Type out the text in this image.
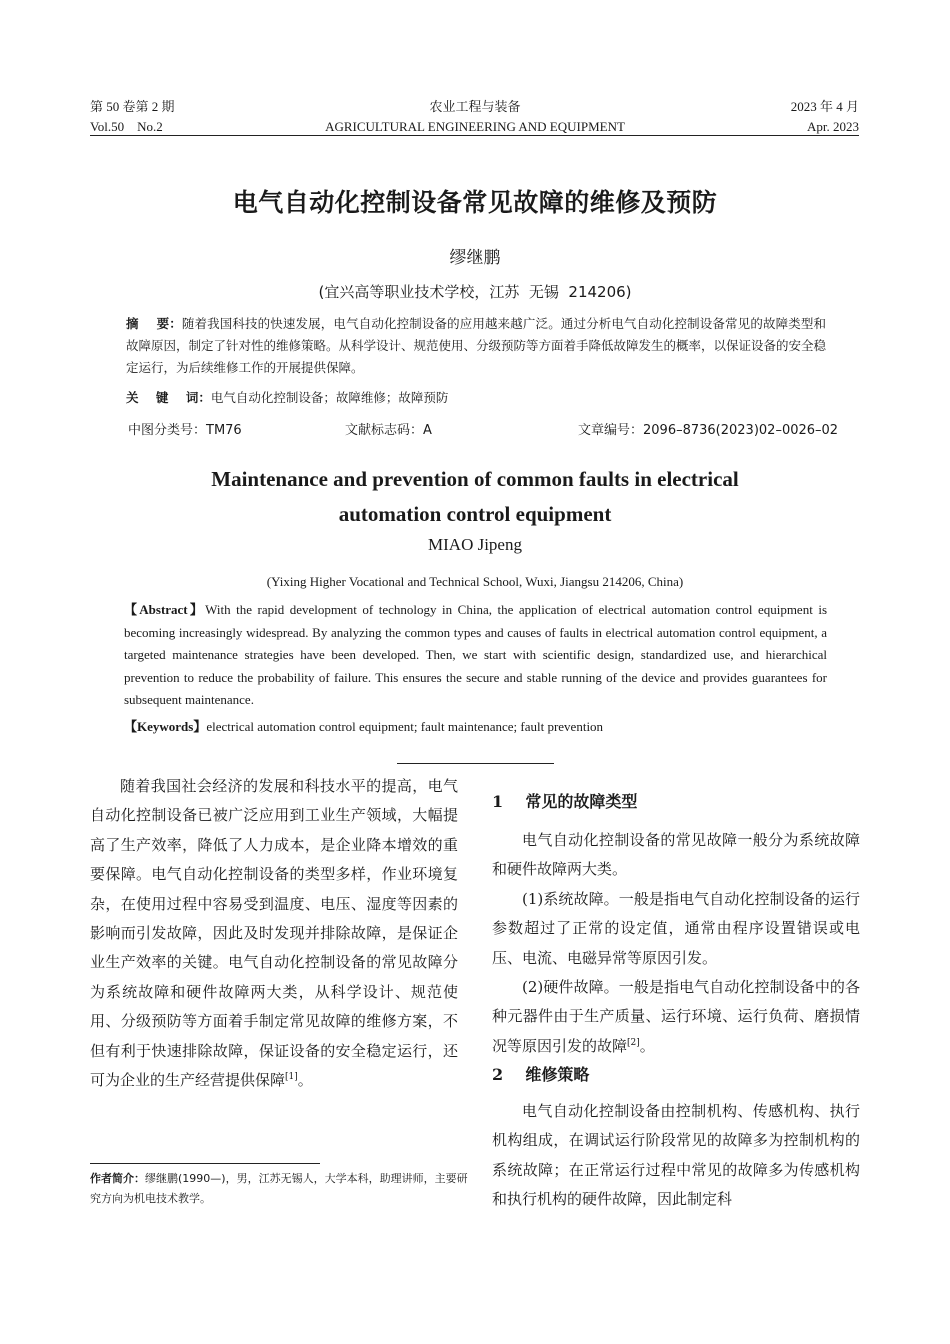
第 50 卷第 2 期	农业工程与装备	2023 年 4 月
Vol.50    No.2	AGRICULTURAL ENGINEERING AND EQUIPMENT	Apr. 2023
电气自动化控制设备常见故障的维修及预防
缪继鹏
(宜兴高等职业技术学校，江苏  无锡  214206)
摘    要：随着我国科技的快速发展，电气自动化控制设备的应用越来越广泛。通过分析电气自动化控制设备常见的故障类型和故障原因，制定了针对性的维修策略。从科学设计、规范使用、分级预防等方面着手降低故障发生的概率，以保证设备的安全稳定运行，为后续维修工作的开展提供保障。
关    键    词：电气自动化控制设备；故障维修；故障预防
中图分类号：TM76	文献标志码：A	文章编号：2096–8736(2023)02–0026–02
Maintenance and prevention of common faults in electrical
automation control equipment
MIAO Jipeng
(Yixing Higher Vocational and Technical School, Wuxi, Jiangsu 214206, China)
【Abstract】With the rapid development of technology in China, the application of electrical automation control equipment is becoming increasingly widespread. By analyzing the common types and causes of faults in electrical automation control equipment, a targeted maintenance strategies have been developed. Then, we start with scientific design, standardized use, and hierarchical prevention to reduce the probability of failure. This ensures the secure and stable running of the device and provides guarantees for subsequent maintenance.
【Keywords】electrical automation control equipment; fault maintenance; fault prevention

随着我国社会经济的发展和科技水平的提高，电气自动化控制设备已被广泛应用到工业生产领域，大幅提高了生产效率，降低了人力成本，是企业降本增效的重要保障。电气自动化控制设备的类型多样，作业环境复杂，在使用过程中容易受到温度、电压、湿度等因素的影响而引发故障，因此及时发现并排除故障，是保证企业生产效率的关键。电气自动化控制设备的常见故障分为系统故障和硬件故障两大类，从科学设计、规范使用、分级预防等方面着手制定常见故障的维修方案，不但有利于快速排除故障，保证设备的安全稳定运行，还可为企业的生产经营提供保障[1]。

1    常见的故障类型

电气自动化控制设备的常见故障一般分为系统故障和硬件故障两大类。

(1)系统故障。一般是指电气自动化控制设备的运行参数超过了正常的设定值，通常由程序设置错误或电压、电流、电磁异常等原因引发。

(2)硬件故障。一般是指电气自动化控制设备中的各种元器件由于生产质量、运行环境、运行负荷、磨损情况等原因引发的故障[2]。

2    维修策略

电气自动化控制设备由控制机构、传感机构、执行机构组成，在调试运行阶段常见的故障多为控制机构的系统故障；在正常运行过程中常见的故障多为传感机构和执行机构的硬件故障，因此制定科

作者简介：缪继鹏(1990—)，男，江苏无锡人，大学本科，助理讲师，主要研究方向为机电技术教学。
